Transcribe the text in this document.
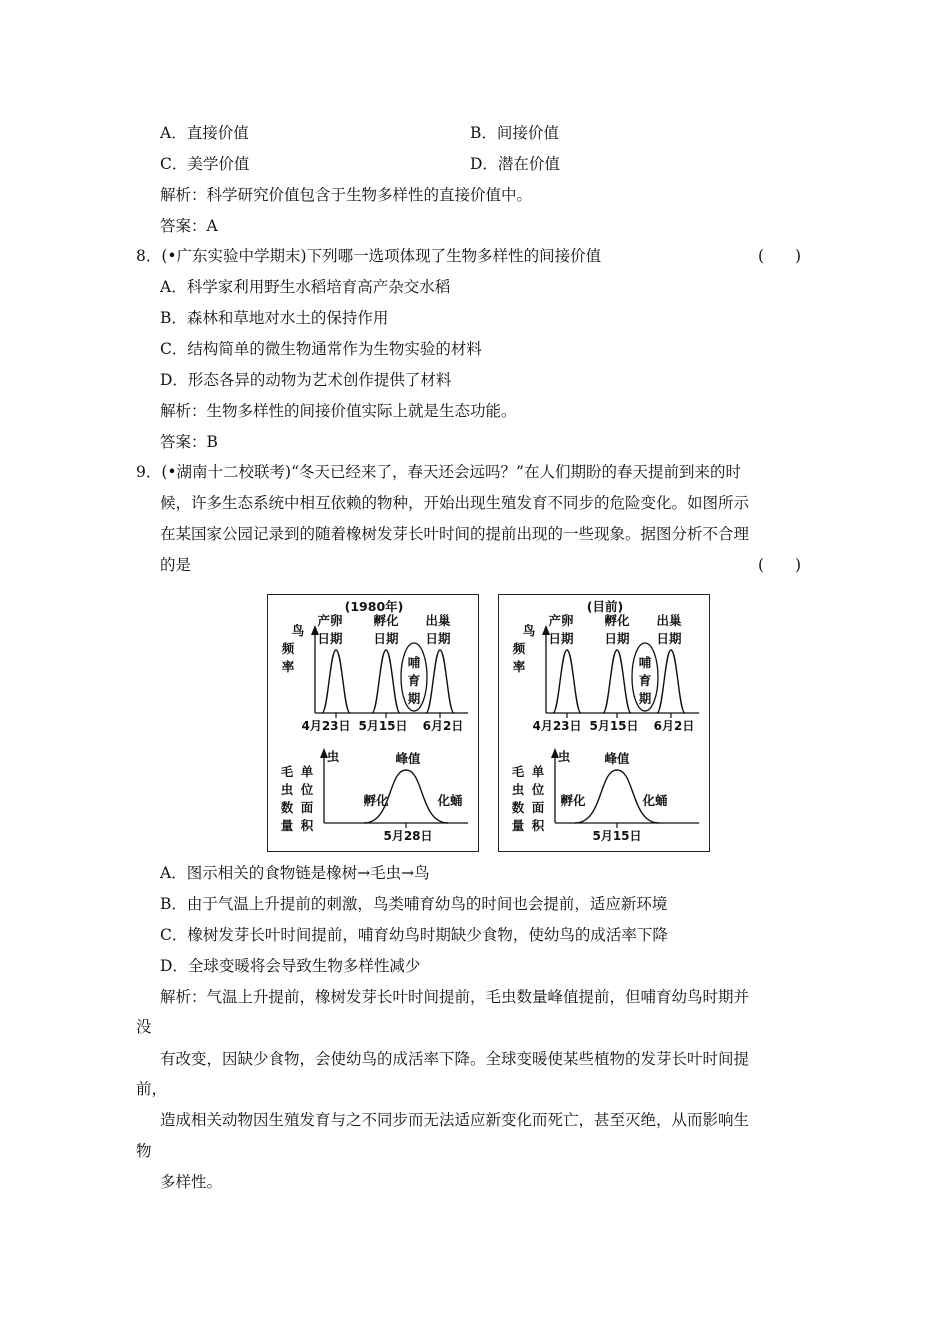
A．直接价值	B．间接价值
C．美学价值	D．潜在价值
解析：科学研究价值包含于生物多样性的直接价值中。
答案：A
8．(•广东实验中学期末)下列哪一选项体现了生物多样性的间接价值	(　　)
A．科学家利用野生水稻培育高产杂交水稻
B．森林和草地对水土的保持作用
C．结构简单的微生物通常作为生物实验的材料
D．形态各异的动物为艺术创作提供了材料
解析：生物多样性的间接价值实际上就是生态功能。
答案：B
9．(•湖南十二校联考)“冬天已经来了，春天还会远吗？”在人们期盼的春天提前到来的时
候，许多生态系统中相互依赖的物种，开始出现生殖发育不同步的危险变化。如图所示
在某国家公园记录到的随着橡树发芽长叶时间的提前出现的一些现象。据图分析不合理
的是	(　　)
(1980年)
鸟
频
率
产卵
日期
孵化
日期
出巢
日期
哺
育
期
4月23日 5月15日 6月2日
虫
毛
虫
数
量
单
位
面
积
峰值
孵化	化蛹
5月28日
(目前)
鸟
频
率
产卵
日期
孵化
日期
出巢
日期
哺
育
期
4月23日 5月15日 6月2日
虫
毛
虫
数
量
单
位
面
积
峰值
孵化	化蛹
5月15日
A．图示相关的食物链是橡树→毛虫→鸟
B．由于气温上升提前的刺激，鸟类哺育幼鸟的时间也会提前，适应新环境
C．橡树发芽长叶时间提前，哺育幼鸟时期缺少食物，使幼鸟的成活率下降
D．全球变暖将会导致生物多样性减少
解析：气温上升提前，橡树发芽长叶时间提前，毛虫数量峰值提前，但哺育幼鸟时期并
没
有改变，因缺少食物，会使幼鸟的成活率下降。全球变暖使某些植物的发芽长叶时间提
前，
造成相关动物因生殖发育与之不同步而无法适应新变化而死亡，甚至灭绝，从而影响生
物
多样性。
